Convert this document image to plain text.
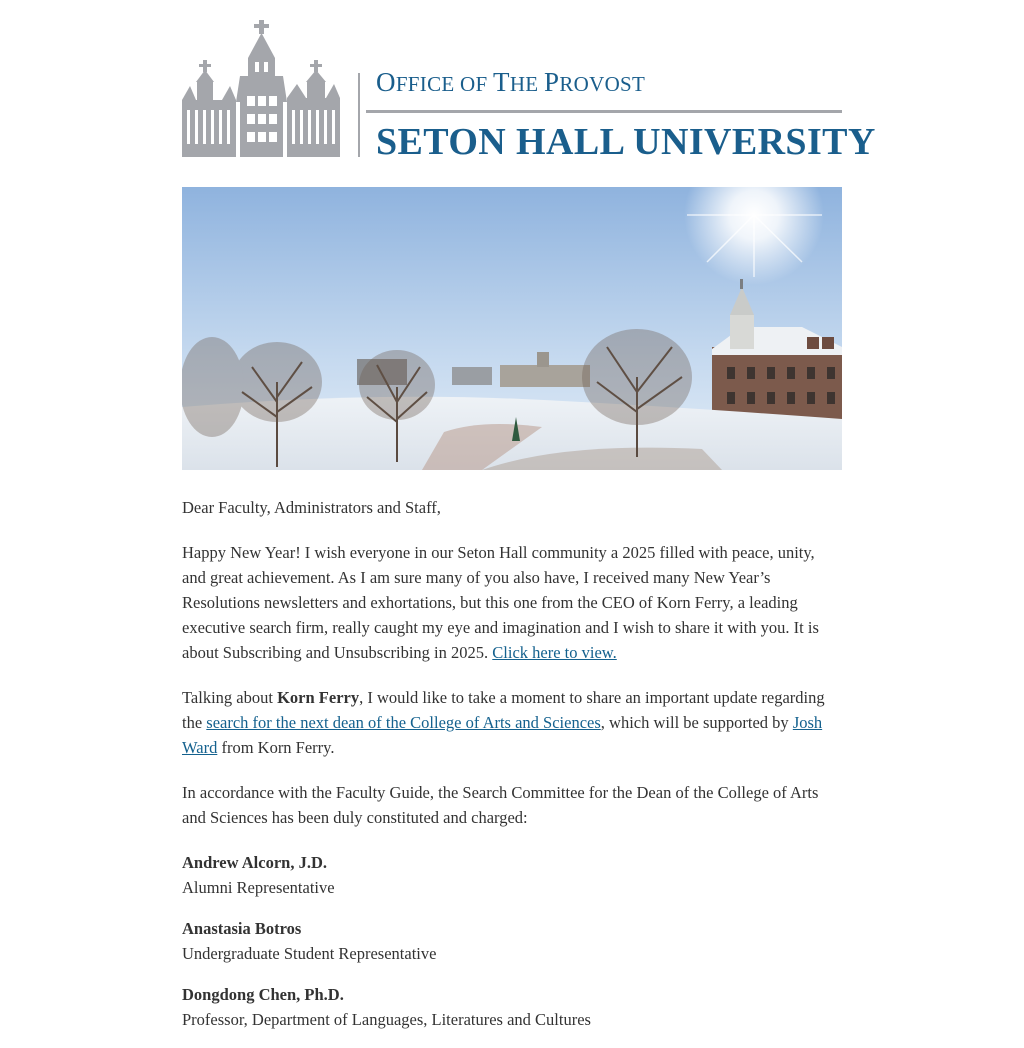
OFFICE OF THE PROVOST
SETON HALL UNIVERSITY

Dear Faculty, Administrators and Staff,

Happy New Year! I wish everyone in our Seton Hall community a 2025 filled with peace, unity, and great achievement. As I am sure many of you also have, I received many New Year’s Resolutions newsletters and exhortations, but this one from the CEO of Korn Ferry, a leading executive search firm, really caught my eye and imagination and I wish to share it with you. It is about Subscribing and Unsubscribing in 2025. Click here to view.

Talking about Korn Ferry, I would like to take a moment to share an important update regarding the search for the next dean of the College of Arts and Sciences, which will be supported by Josh Ward from Korn Ferry.

In accordance with the Faculty Guide, the Search Committee for the Dean of the College of Arts and Sciences has been duly constituted and charged:

Andrew Alcorn, J.D.
Alumni Representative
Anastasia Botros
Undergraduate Student Representative
Dongdong Chen, Ph.D.
Professor, Department of Languages, Literatures and Cultures
